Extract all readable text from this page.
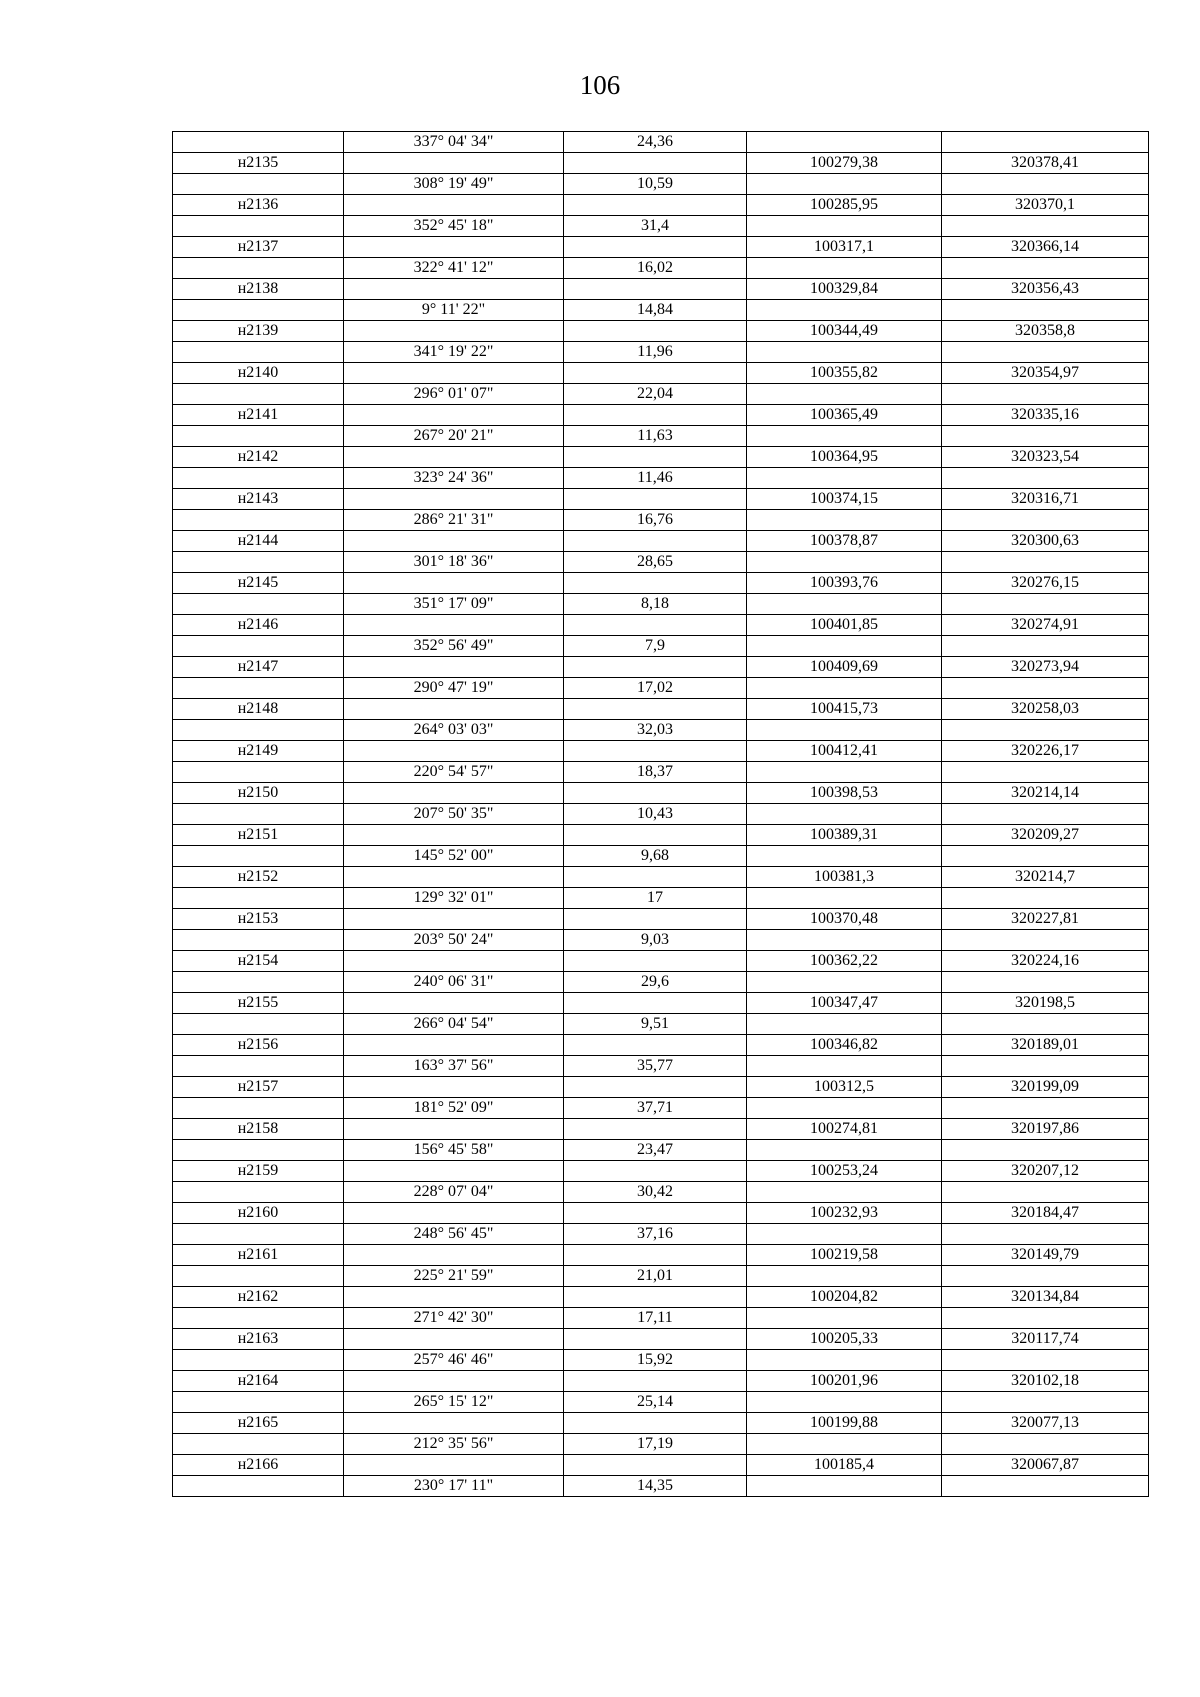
106
	337° 04' 34"	24,36		
н2135			100279,38	320378,41
	308° 19' 49"	10,59		
н2136			100285,95	320370,1
	352° 45' 18"	31,4		
н2137			100317,1	320366,14
	322° 41' 12"	16,02		
н2138			100329,84	320356,43
	9° 11' 22"	14,84		
н2139			100344,49	320358,8
	341° 19' 22"	11,96		
н2140			100355,82	320354,97
	296° 01' 07"	22,04		
н2141			100365,49	320335,16
	267° 20' 21"	11,63		
н2142			100364,95	320323,54
	323° 24' 36"	11,46		
н2143			100374,15	320316,71
	286° 21' 31"	16,76		
н2144			100378,87	320300,63
	301° 18' 36"	28,65		
н2145			100393,76	320276,15
	351° 17' 09"	8,18		
н2146			100401,85	320274,91
	352° 56' 49"	7,9		
н2147			100409,69	320273,94
	290° 47' 19"	17,02		
н2148			100415,73	320258,03
	264° 03' 03"	32,03		
н2149			100412,41	320226,17
	220° 54' 57"	18,37		
н2150			100398,53	320214,14
	207° 50' 35"	10,43		
н2151			100389,31	320209,27
	145° 52' 00"	9,68		
н2152			100381,3	320214,7
	129° 32' 01"	17		
н2153			100370,48	320227,81
	203° 50' 24"	9,03		
н2154			100362,22	320224,16
	240° 06' 31"	29,6		
н2155			100347,47	320198,5
	266° 04' 54"	9,51		
н2156			100346,82	320189,01
	163° 37' 56"	35,77		
н2157			100312,5	320199,09
	181° 52' 09"	37,71		
н2158			100274,81	320197,86
	156° 45' 58"	23,47		
н2159			100253,24	320207,12
	228° 07' 04"	30,42		
н2160			100232,93	320184,47
	248° 56' 45"	37,16		
н2161			100219,58	320149,79
	225° 21' 59"	21,01		
н2162			100204,82	320134,84
	271° 42' 30"	17,11		
н2163			100205,33	320117,74
	257° 46' 46"	15,92		
н2164			100201,96	320102,18
	265° 15' 12"	25,14		
н2165			100199,88	320077,13
	212° 35' 56"	17,19		
н2166			100185,4	320067,87
	230° 17' 11"	14,35		
